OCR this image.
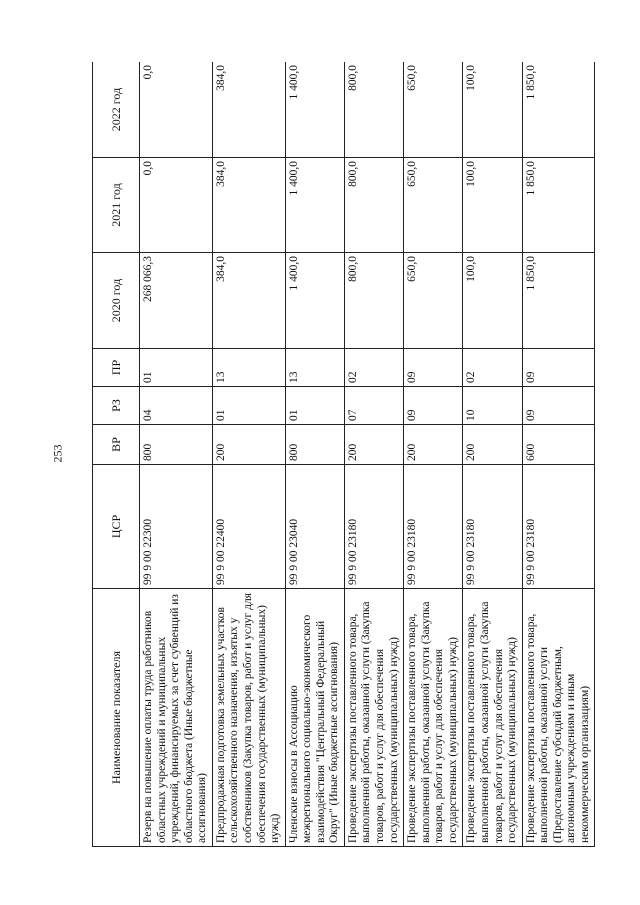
253
Наименование показателя	ЦСР	ВР	РЗ	ПР	2020 год	2021 год	2022 год
Резерв на повышение оплаты труда работников областных учреждений и муниципальных учреждений, финансируемых за счет субвенций из областного бюджета (Иные бюджетные ассигнования)	99 9 00 22300	800	04	01	268 066,3	0,0	0,0
Предпродажная подготовка земельных участков сельскохозяйственного назначения, изъятых у собственников (Закупка товаров, работ и услуг для обеспечения государственных (муниципальных) нужд)	99 9 00 22400	200	01	13	384,0	384,0	384,0
Членские взносы в Ассоциацию межрегионального социально-экономического взаимодействия "Центральный Федеральный Округ" (Иные бюджетные ассигнования)	99 9 00 23040	800	01	13	1 400,0	1 400,0	1 400,0
Проведение экспертизы поставленного товара, выполненной работы, оказанной услуги (Закупка товаров, работ и услуг для обеспечения государственных (муниципальных) нужд)	99 9 00 23180	200	07	02	800,0	800,0	800,0
Проведение экспертизы поставленного товара, выполненной работы, оказанной услуги (Закупка товаров, работ и услуг для обеспечения государственных (муниципальных) нужд)	99 9 00 23180	200	09	09	650,0	650,0	650,0
Проведение экспертизы поставленного товара, выполненной работы, оказанной услуги (Закупка товаров, работ и услуг для обеспечения государственных (муниципальных) нужд)	99 9 00 23180	200	10	02	100,0	100,0	100,0
Проведение экспертизы поставленного товара, выполненной работы, оказанной услуги (Предоставление субсидий бюджетным, автономным учреждениям и иным некоммерческим организациям)	99 9 00 23180	600	09	09	1 850,0	1 850,0	1 850,0
